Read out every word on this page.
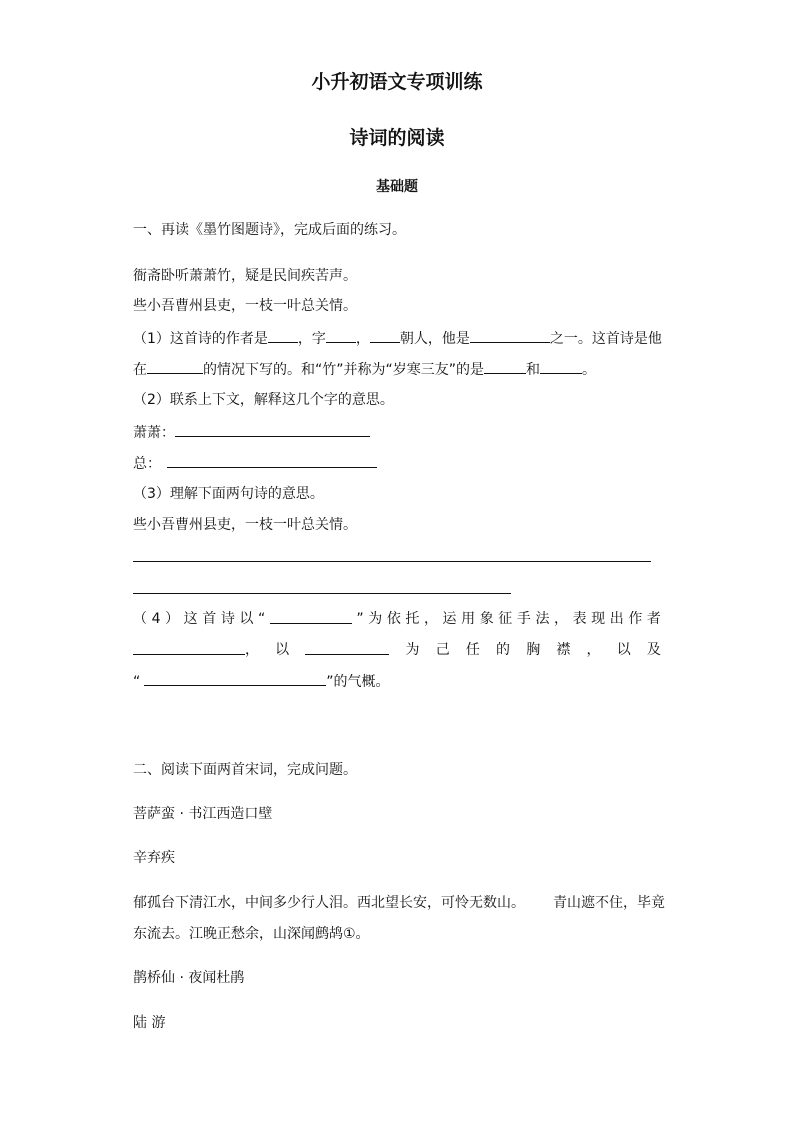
小升初语文专项训练
诗词的阅读
基础题
一、再读《墨竹图题诗》，完成后面的练习。
衙斋卧听萧萧竹，疑是民间疾苦声。
些小吾曹州县吏，一枝一叶总关情。
（1）这首诗的作者是 ，字 ， 朝人，他是	之一。这首诗是他
在	的情况下写的。和“竹”并称为“岁寒三友”的是	和	。
（2）联系上下文，解释这几个字的意思。
萧萧：
总：
（3）理解下面两句诗的意思。
些小吾曹州县吏，一枝一叶总关情。
（ 4 ） 这 首 诗 以 “	” 为 依 托 ， 运 用 象 征 手 法 ， 表 现 出 作 者
， 以	为 己 任 的 胸 襟 ， 以 及
“	”的气概。
二、阅读下面两首宋词，完成问题。
菩萨蛮 · 书江西造口壁
辛弃疾
郁孤台下清江水，中间多少行人泪。西北望长安，可怜无数山。 青山遮不住，毕竟
东流去。江晚正愁余，山深闻鹧鸪①。
鹊桥仙 · 夜闻杜鹃
陆 游
